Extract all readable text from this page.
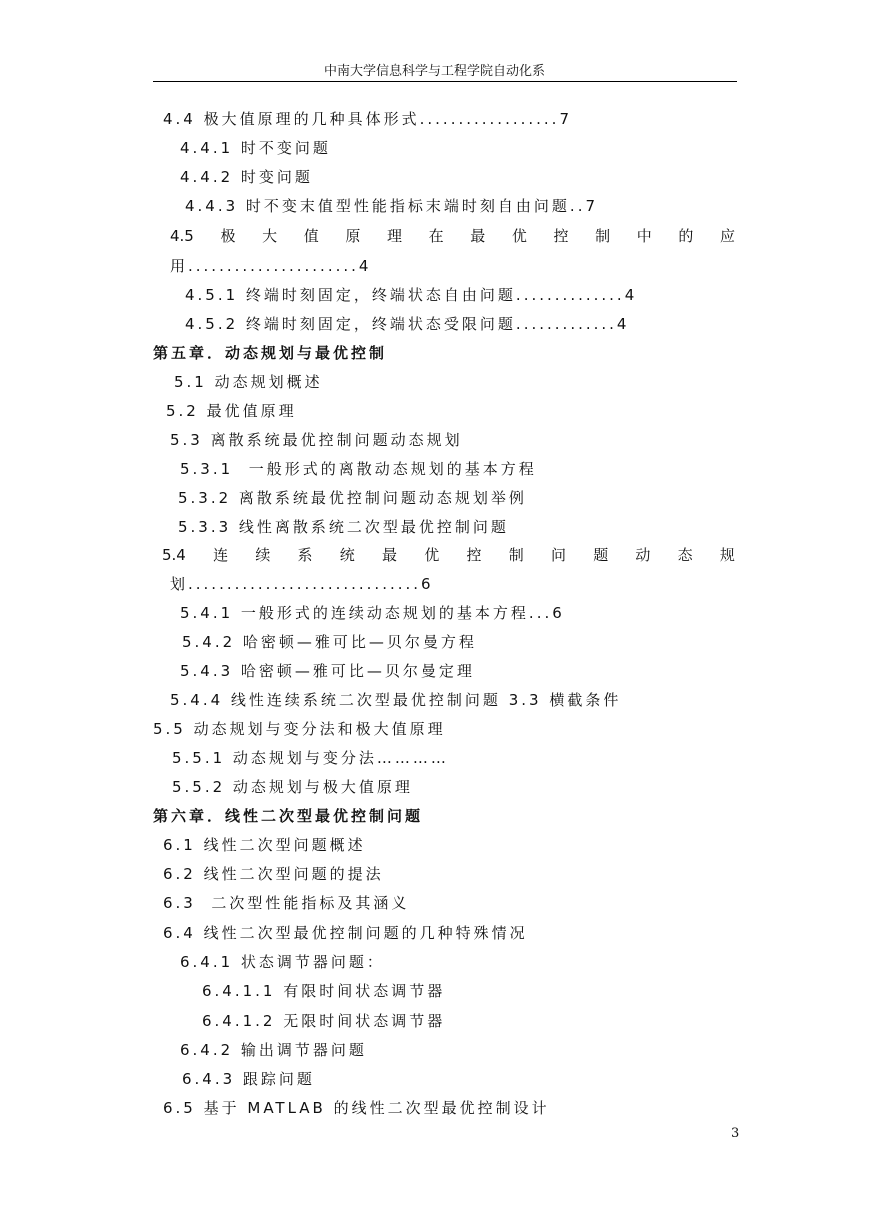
中南大学信息科学与工程学院自动化系
4.4 极大值原理的几种具体形式..................7
4.4.1 时不变问题
4.4.2 时变问题
4.4.3 时不变末值型性能指标末端时刻自由问题..7
4.5 极 大 值 原 理 在 最 优 控 制 中 的 应
用......................4
4.5.1 终端时刻固定，终端状态自由问题..............4
4.5.2 终端时刻固定，终端状态受限问题.............4
第五章．动态规划与最优控制
5.1 动态规划概述
5.2 最优值原理
5.3 离散系统最优控制问题动态规划
5.3.1  一般形式的离散动态规划的基本方程
5.3.2 离散系统最优控制问题动态规划举例
5.3.3 线性离散系统二次型最优控制问题
5.4 连 续 系 统 最 优 控 制 问 题 动 态 规
划..............................6
5.4.1 一般形式的连续动态规划的基本方程...6
5.4.2 哈密顿—雅可比—贝尔曼方程
5.4.3 哈密顿—雅可比—贝尔曼定理
5.4.4 线性连续系统二次型最优控制问题 3.3 横截条件
5.5 动态规划与变分法和极大值原理
5.5.1 动态规划与变分法…………
5.5.2 动态规划与极大值原理
第六章．线性二次型最优控制问题
6.1 线性二次型问题概述
6.2 线性二次型问题的提法
6.3  二次型性能指标及其涵义
6.4 线性二次型最优控制问题的几种特殊情况
6.4.1 状态调节器问题：
6.4.1.1 有限时间状态调节器
6.4.1.2 无限时间状态调节器
6.4.2 输出调节器问题
6.4.3 跟踪问题
6.5 基于 MATLAB 的线性二次型最优控制设计
3
